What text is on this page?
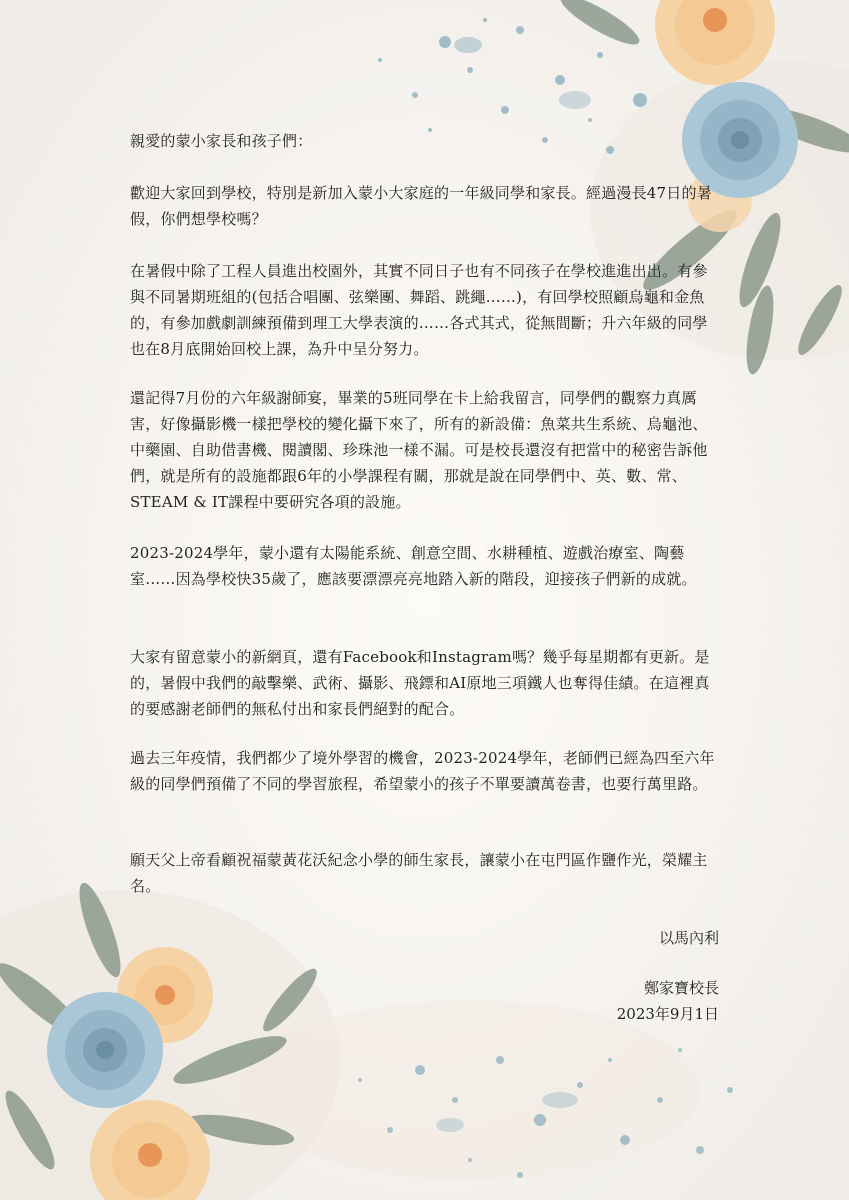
親愛的蒙小家長和孩子們：

歡迎大家回到學校，特別是新加入蒙小大家庭的一年級同學和家長。經過漫長47日的暑假，你們想學校嗎？

在暑假中除了工程人員進出校園外，其實不同日子也有不同孩子在學校進進出出。有參與不同暑期班組的(包括合唱團、弦樂團、舞蹈、跳繩……)，有回學校照顧烏龜和金魚的，有參加戲劇訓練預備到理工大學表演的……各式其式，從無間斷；升六年級的同學也在8月底開始回校上課，為升中呈分努力。

還記得7月份的六年級謝師宴，畢業的5班同學在卡上給我留言，同學們的觀察力真厲害，好像攝影機一樣把學校的變化攝下來了，所有的新設備：魚菜共生系統、烏龜池、中藥園、自助借書機、閱讀閣、珍珠池一樣不漏。可是校長還沒有把當中的秘密告訴他們，就是所有的設施都跟6年的小學課程有關，那就是說在同學們中、英、數、常、STEAM & IT課程中要研究各項的設施。

2023-2024學年，蒙小還有太陽能系統、創意空間、水耕種植、遊戲治療室、陶藝室……因為學校快35歲了，應該要漂漂亮亮地踏入新的階段，迎接孩子們新的成就。

大家有留意蒙小的新網頁，還有Facebook和Instagram嗎？幾乎每星期都有更新。是的，暑假中我們的敲擊樂、武術、攝影、飛鏢和AI原地三項鐵人也奪得佳績。在這裡真的要感謝老師們的無私付出和家長們絕對的配合。

過去三年疫情，我們都少了境外學習的機會，2023-2024學年，老師們已經為四至六年級的同學們預備了不同的學習旅程，希望蒙小的孩子不單要讀萬卷書，也要行萬里路。

願天父上帝看顧祝福蒙黃花沃紀念小學的師生家長，讓蒙小在屯門區作鹽作光，榮耀主名。

以馬內利
鄭家寶校長
2023年9月1日
